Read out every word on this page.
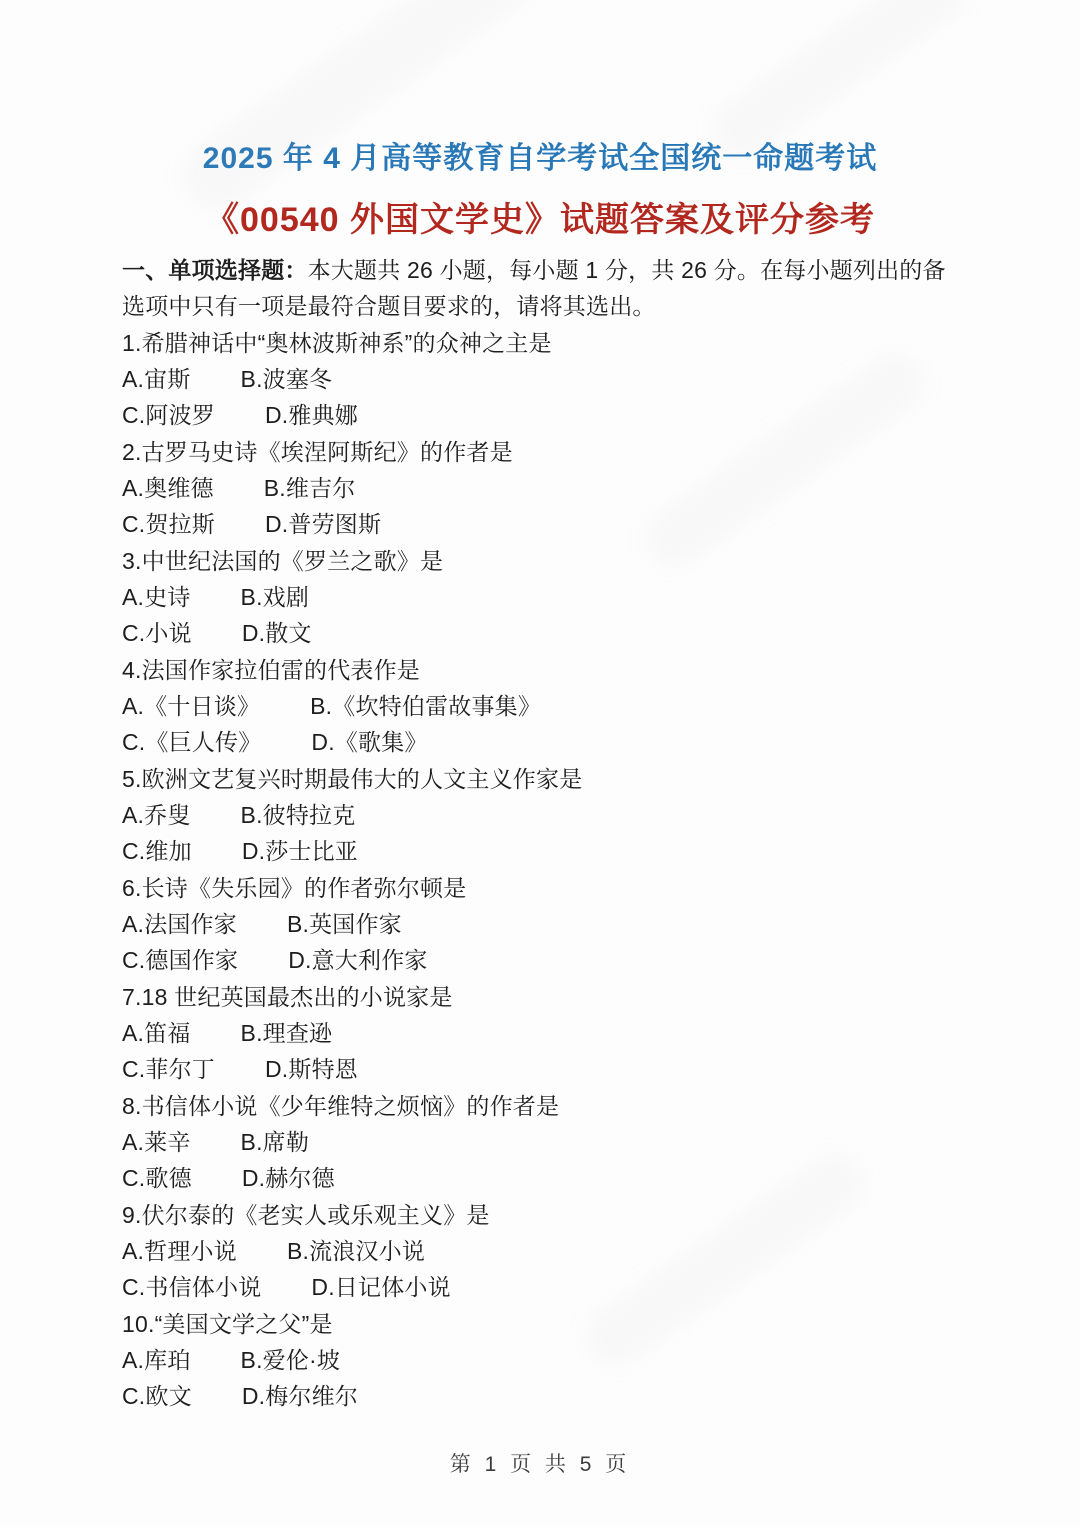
2025 年 4 月高等教育自学考试全国统一命题考试
《00540 外国文学史》试题答案及评分参考

一、单项选择题：本大题共 26 小题，每小题 1 分，共 26 分。在每小题列出的备选项中只有一项是最符合题目要求的，请将其选出。

1.希腊神话中“奥林波斯神系”的众神之主是
A.宙斯 B.波塞冬
C.阿波罗 D.雅典娜
2.古罗马史诗《埃涅阿斯纪》的作者是
A.奥维德 B.维吉尔
C.贺拉斯 D.普劳图斯
3.中世纪法国的《罗兰之歌》是
A.史诗 B.戏剧
C.小说 D.散文
4.法国作家拉伯雷的代表作是
A.《十日谈》 B.《坎特伯雷故事集》
C.《巨人传》 D.《歌集》
5.欧洲文艺复兴时期最伟大的人文主义作家是
A.乔叟 B.彼特拉克
C.维加 D.莎士比亚
6.长诗《失乐园》的作者弥尔顿是
A.法国作家 B.英国作家
C.德国作家 D.意大利作家
7.18 世纪英国最杰出的小说家是
A.笛福 B.理查逊
C.菲尔丁 D.斯特恩
8.书信体小说《少年维特之烦恼》的作者是
A.莱辛 B.席勒
C.歌德 D.赫尔德
9.伏尔泰的《老实人或乐观主义》是
A.哲理小说 B.流浪汉小说
C.书信体小说 D.日记体小说
10.“美国文学之父”是
A.库珀 B.爱伦·坡
C.欧文 D.梅尔维尔
第 1 页 共 5 页
